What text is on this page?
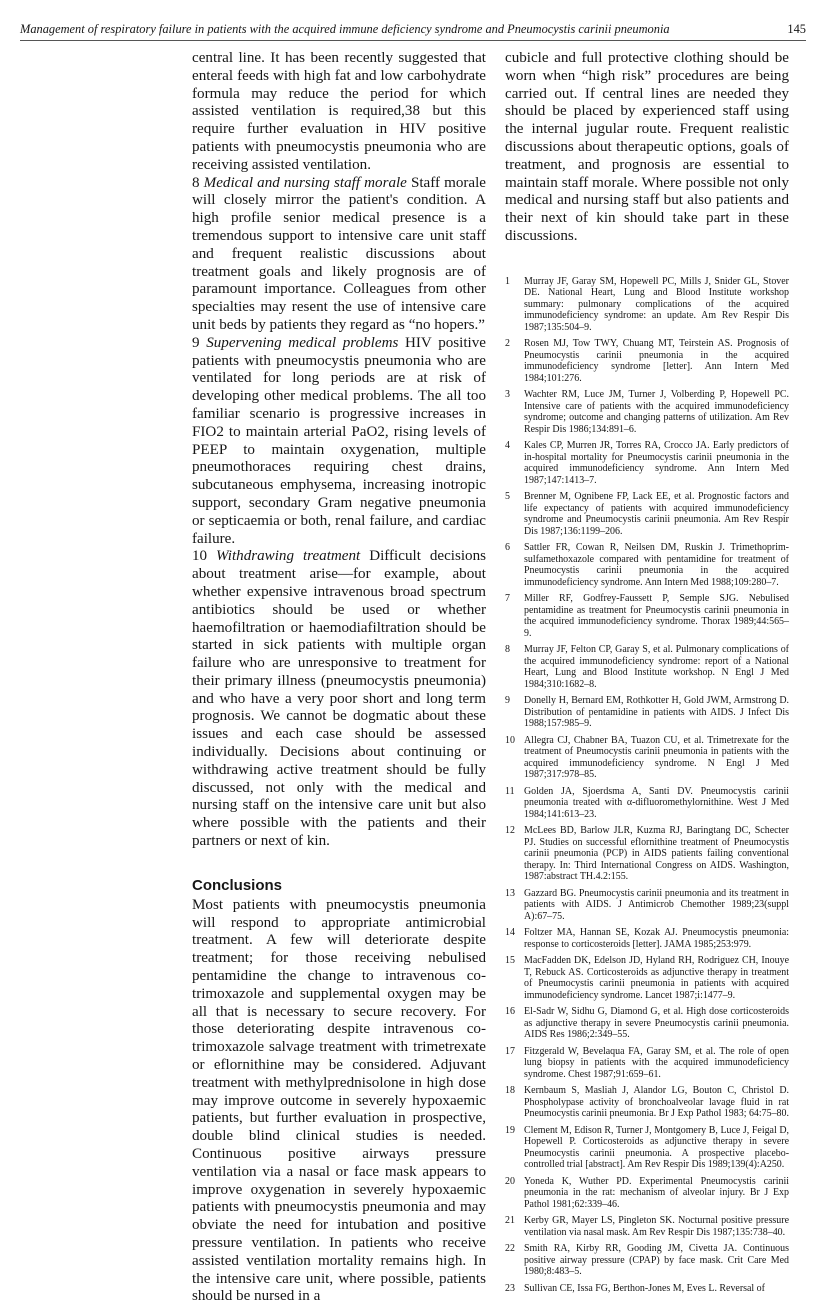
Management of respiratory failure in patients with the acquired immune deficiency syndrome and Pneumocystis carinii pneumonia	145

central line. It has been recently suggested that enteral feeds with high fat and low carbohydrate formula may reduce the period for which assisted ventilation is required,38 but this require further evaluation in HIV positive patients with pneumocystis pneumonia who are receiving assisted ventilation.

8 Medical and nursing staff morale Staff morale will closely mirror the patient's condition. A high profile senior medical presence is a tremendous support to intensive care unit staff and frequent realistic discussions about treatment goals and likely prognosis are of paramount importance. Colleagues from other specialties may resent the use of intensive care unit beds by patients they regard as “no hopers.”

9 Supervening medical problems HIV positive patients with pneumocystis pneumonia who are ventilated for long periods are at risk of developing other medical problems. The all too familiar scenario is progressive increases in FIO2 to maintain arterial PaO2, rising levels of PEEP to maintain oxygenation, multiple pneumothoraces requiring chest drains, subcutaneous emphysema, increasing inotropic support, secondary Gram negative pneumonia or septicaemia or both, renal failure, and cardiac failure.

10 Withdrawing treatment Difficult decisions about treatment arise—for example, about whether expensive intravenous broad spectrum antibiotics should be used or whether haemofiltration or haemodiafiltration should be started in sick patients with multiple organ failure who are unresponsive to treatment for their primary illness (pneumocystis pneumonia) and who have a very poor short and long term prognosis. We cannot be dogmatic about these issues and each case should be assessed individually. Decisions about continuing or withdrawing active treatment should be fully discussed, not only with the medical and nursing staff on the intensive care unit but also where possible with the patients and their partners or next of kin.

Conclusions

Most patients with pneumocystis pneumonia will respond to appropriate antimicrobial treatment. A few will deteriorate despite treatment; for those receiving nebulised pentamidine the change to intravenous co-trimoxazole and supplemental oxygen may be all that is necessary to secure recovery. For those deteriorating despite intravenous co-trimoxazole salvage treatment with trimetrexate or eflornithine may be considered. Adjuvant treatment with methylprednisolone in high dose may improve outcome in severely hypoxaemic patients, but further evaluation in prospective, double blind clinical studies is needed. Continuous positive airways pressure ventilation via a nasal or face mask appears to improve oxygenation in severely hypoxaemic patients with pneumocystis pneumonia and may obviate the need for intubation and positive pressure ventilation. In patients who receive assisted ventilation mortality remains high. In the intensive care unit, where possible, patients should be nursed in a

cubicle and full protective clothing should be worn when “high risk” procedures are being carried out. If central lines are needed they should be placed by experienced staff using the internal jugular route. Frequent realistic discussions about therapeutic options, goals of treatment, and prognosis are essential to maintain staff morale. Where possible not only medical and nursing staff but also patients and their next of kin should take part in these discussions.

1	Murray JF, Garay SM, Hopewell PC, Mills J, Snider GL, Stover DE. National Heart, Lung and Blood Institute workshop summary: pulmonary complications of the acquired immunodeficiency syndrome: an update. Am Rev Respir Dis 1987;135:504–9.
2	Rosen MJ, Tow TWY, Chuang MT, Teirstein AS. Prognosis of Pneumocystis carinii pneumonia in the acquired immunodeficiency syndrome [letter]. Ann Intern Med 1984;101:276.
3	Wachter RM, Luce JM, Turner J, Volberding P, Hopewell PC. Intensive care of patients with the acquired immunodeficiency syndrome; outcome and changing patterns of utilization. Am Rev Respir Dis 1986;134:891–6.
4	Kales CP, Murren JR, Torres RA, Crocco JA. Early predictors of in-hospital mortality for Pneumocystis carinii pneumonia in the acquired immunodeficiency syndrome. Ann Intern Med 1987;147:1413–7.
5	Brenner M, Ognibene FP, Lack EE, et al. Prognostic factors and life expectancy of patients with acquired immunodeficiency syndrome and Pneumocystis carinii pneumonia. Am Rev Respir Dis 1987;136:1199–206.
6	Sattler FR, Cowan R, Neilsen DM, Ruskin J. Trimethoprim-sulfamethoxazole compared with pentamidine for treatment of Pneumocystis carinii pneumonia in the acquired immunodeficiency syndrome. Ann Intern Med 1988;109:280–7.
7	Miller RF, Godfrey-Faussett P, Semple SJG. Nebulised pentamidine as treatment for Pneumocystis carinii pneumonia in the acquired immunodeficiency syndrome. Thorax 1989;44:565–9.
8	Murray JF, Felton CP, Garay S, et al. Pulmonary complications of the acquired immunodeficiency syndrome: report of a National Heart, Lung and Blood Institute workshop. N Engl J Med 1984;310:1682–8.
9	Donelly H, Bernard EM, Rothkotter H, Gold JWM, Armstrong D. Distribution of pentamidine in patients with AIDS. J Infect Dis 1988;157:985–9.
10 Allegra CJ, Chabner BA, Tuazon CU, et al. Trimetrexate for the treatment of Pneumocystis carinii pneumonia in patients with the acquired immunodeficiency syndrome. N Engl J Med 1987;317:978–85.
11 Golden JA, Sjoerdsma A, Santi DV. Pneumocystis carinii pneumonia treated with α-difluoromethylornithine. West J Med 1984;141:613–23.
12 McLees BD, Barlow JLR, Kuzma RJ, Baringtang DC, Schecter PJ. Studies on successful eflornithine treatment of Pneumocystis carinii pneumonia (PCP) in AIDS patients failing conventional therapy. In: Third International Congress on AIDS. Washington, 1987:abstract TH.4.2:155.
13 Gazzard BG. Pneumocystis carinii pneumonia and its treatment in patients with AIDS. J Antimicrob Chemother 1989;23(suppl A):67–75.
14 Foltzer MA, Hannan SE, Kozak AJ. Pneumocystis pneumonia: response to corticosteroids [letter]. JAMA 1985;253:979.
15 MacFadden DK, Edelson JD, Hyland RH, Rodriguez CH, Inouye T, Rebuck AS. Corticosteroids as adjunctive therapy in treatment of Pneumocystis carinii pneumonia in patients with acquired immunodeficiency syndrome. Lancet 1987;i:1477–9.
16 El-Sadr W, Sidhu G, Diamond G, et al. High dose corticosteroids as adjunctive therapy in severe Pneumocystis carinii pneumonia. AIDS Res 1986;2:349–55.
17 Fitzgerald W, Bevelaqua FA, Garay SM, et al. The role of open lung biopsy in patients with the acquired immunodeficiency syndrome. Chest 1987;91:659–61.
18 Kernbaum S, Masliah J, Alandor LG, Bouton C, Christol D. Phospholypase activity of bronchoalveolar lavage fluid in rat Pneumocystis carinii pneumonia. Br J Exp Pathol 1983; 64:75–80.
19 Clement M, Edison R, Turner J, Montgomery B, Luce J, Feigal D, Hopewell P. Corticosteroids as adjunctive therapy in severe Pneumocystis carinii pneumonia. A prospective placebo-controlled trial [abstract]. Am Rev Respir Dis 1989;139(4):A250.
20 Yoneda K, Wuther PD. Experimental Pneumocystis carinii pneumonia in the rat: mechanism of alveolar injury. Br J Exp Pathol 1981;62:339–46.
21 Kerby GR, Mayer LS, Pingleton SK. Nocturnal positive pressure ventilation via nasal mask. Am Rev Respir Dis 1987;135:738–40.
22 Smith RA, Kirby RR, Gooding JM, Civetta JA. Continuous positive airway pressure (CPAP) by face mask. Crit Care Med 1980;8:483–5.
23 Sullivan CE, Issa FG, Berthon-Jones M, Eves L. Reversal of
